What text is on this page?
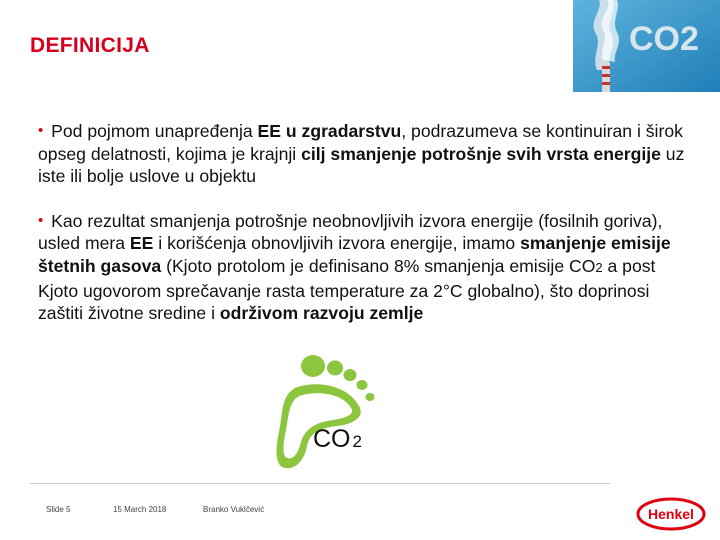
DEFINICIJA	CO2

• Pod pojmom unapređenja EE u zgradarstvu, podrazumeva se kontinuiran i širok opseg delatnosti, kojima je krajnji cilj smanjenje potrošnje svih vrsta energije uz iste ili bolje uslove u objektu

• Kao rezultat smanjenja potrošnje neobnovljivih izvora energije (fosilnih goriva), usled mera EE i korišćenja obnovljivih izvora energije, imamo smanjenje emisije štetnih gasova (Kjoto protolom je definisano 8% smanjenja emisije CO2 a post Kjoto ugovorom sprečavanje rasta temperature za 2°C globalno), što doprinosi zaštiti životne sredine i održivom razvoju zemlje

CO 2
Slide 5	15 March 2018	Branko Vuklčević	Henkel
